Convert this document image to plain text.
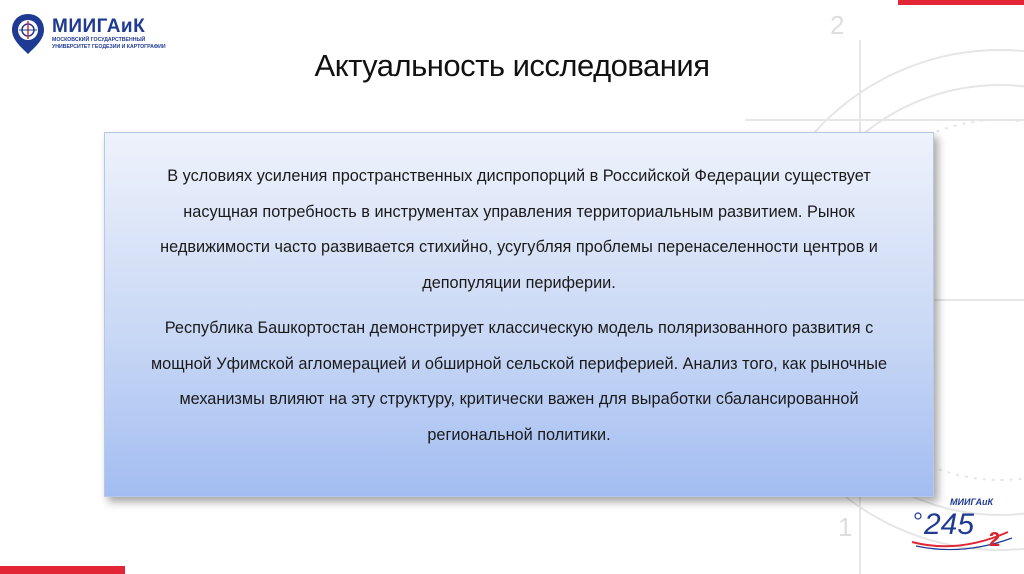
2
1
МИИГАиК
МОСКОВСКИЙ ГОСУДАРСТВЕННЫЙ
УНИВЕРСИТЕТ ГЕОДЕЗИИ И КАРТОГРАФИИ
Актуальность исследования

В условиях усиления пространственных диспропорций в Российской Федерации существует насущная потребность в инструментах управления территориальным развитием. Рынок недвижимости часто развивается стихийно, усугубляя проблемы перенаселенности центров и депопуляции периферии.

Республика Башкортостан демонстрирует классическую модель поляризованного развития с мощной Уфимской агломерацией и обширной сельской периферией. Анализ того, как рыночные механизмы влияют на эту структуру, критически важен для выработки сбалансированной региональной политики.

МИИГАиК
245 2
